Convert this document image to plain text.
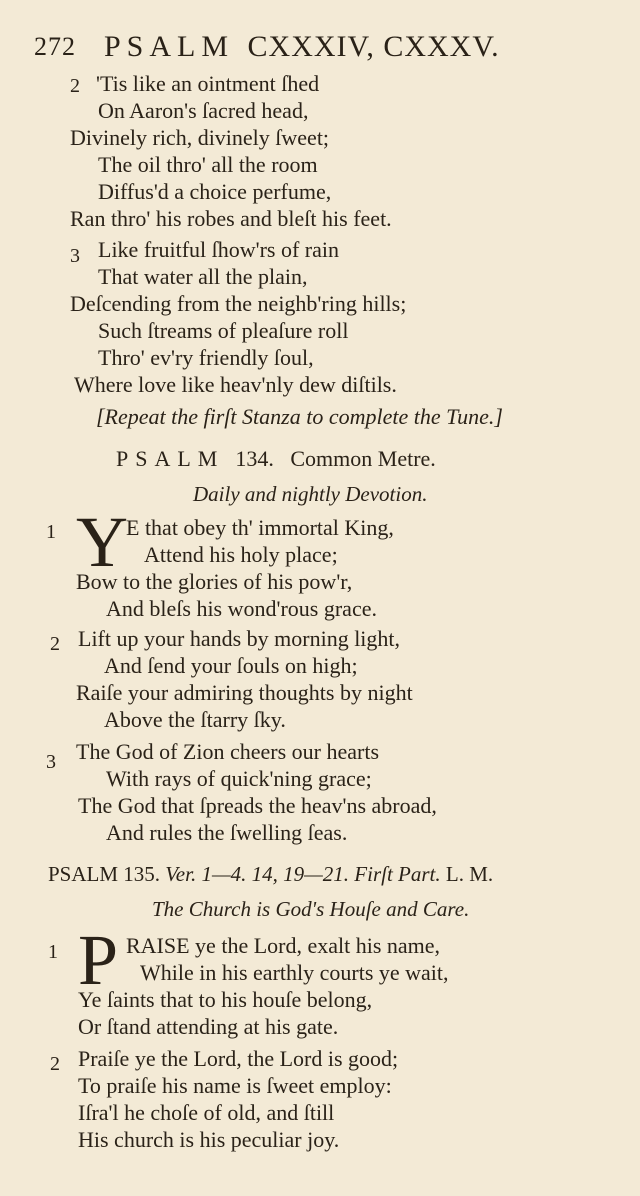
272 PSALM CXXXIV, CXXXV.
2 'Tis like an ointment ſhed
On Aaron's ſacred head,
Divinely rich, divinely ſweet;
The oil thro' all the room
Diffus'd a choice perfume,
Ran thro' his robes and bleſt his feet.
3 Like fruitful ſhow'rs of rain
That water all the plain,
Deſcending from the neighb'ring hills;
Such ſtreams of pleaſure roll
Thro' ev'ry friendly ſoul,
Where love like heav'nly dew diſtils.
[Repeat the firſt Stanza to complete the Tune.]
PSALM 134. Common Metre.
Daily and nightly Devotion.
1 Y
E that obey th' immortal King,
Attend his holy place;
Bow to the glories of his pow'r,
And bleſs his wond'rous grace.
2 Lift up your hands by morning light,
And ſend your ſouls on high;
Raiſe your admiring thoughts by night
Above the ſtarry ſky.
3 The God of Zion cheers our hearts
With rays of quick'ning grace;
The God that ſpreads the heav'ns abroad,
And rules the ſwelling ſeas.
PSALM 135. Ver. 1—4. 14, 19—21. Firſt Part. L. M.
The Church is God's Houſe and Care.
1 P RAISE ye the Lord, exalt his name,
While in his earthly courts ye wait,
Ye ſaints that to his houſe belong,
Or ſtand attending at his gate.
2 Praiſe ye the Lord, the Lord is good;
To praiſe his name is ſweet employ:
Iſra'l he choſe of old, and ſtill
His church is his peculiar joy.
